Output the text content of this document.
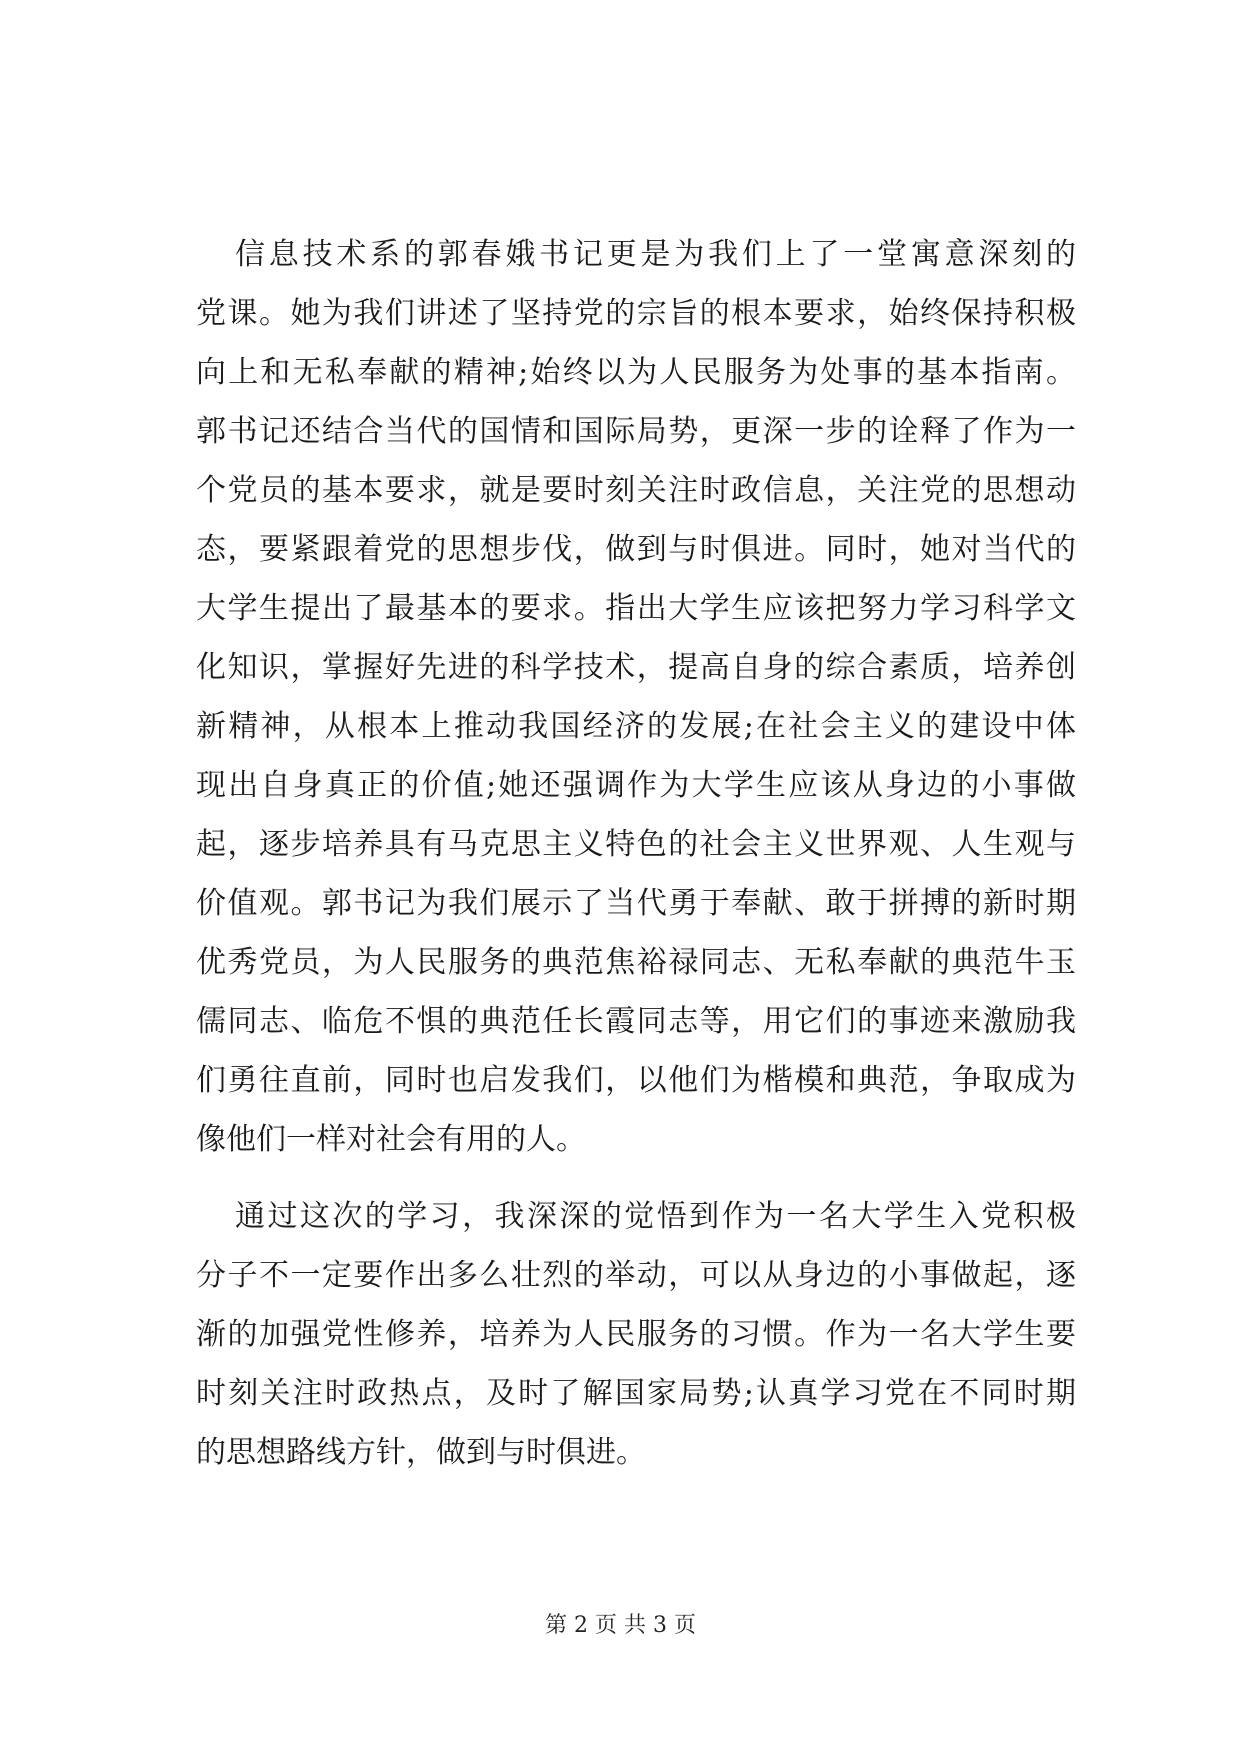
信息技术系的郭春娥书记更是为我们上了一堂寓意深刻的
党课。她为我们讲述了坚持党的宗旨的根本要求，始终保持积极
向上和无私奉献的精神;始终以为人民服务为处事的基本指南。
郭书记还结合当代的国情和国际局势，更深一步的诠释了作为一
个党员的基本要求，就是要时刻关注时政信息，关注党的思想动
态，要紧跟着党的思想步伐，做到与时俱进。同时，她对当代的
大学生提出了最基本的要求。指出大学生应该把努力学习科学文
化知识，掌握好先进的科学技术，提高自身的综合素质，培养创
新精神，从根本上推动我国经济的发展;在社会主义的建设中体
现出自身真正的价值;她还强调作为大学生应该从身边的小事做
起，逐步培养具有马克思主义特色的社会主义世界观、人生观与
价值观。郭书记为我们展示了当代勇于奉献、敢于拼搏的新时期
优秀党员，为人民服务的典范焦裕禄同志、无私奉献的典范牛玉
儒同志、临危不惧的典范任长霞同志等，用它们的事迹来激励我
们勇往直前，同时也启发我们，以他们为楷模和典范，争取成为
像他们一样对社会有用的人。
通过这次的学习，我深深的觉悟到作为一名大学生入党积极
分子不一定要作出多么壮烈的举动，可以从身边的小事做起，逐
渐的加强党性修养，培养为人民服务的习惯。作为一名大学生要
时刻关注时政热点，及时了解国家局势;认真学习党在不同时期
的思想路线方针，做到与时俱进。
第 2 页 共 3 页
